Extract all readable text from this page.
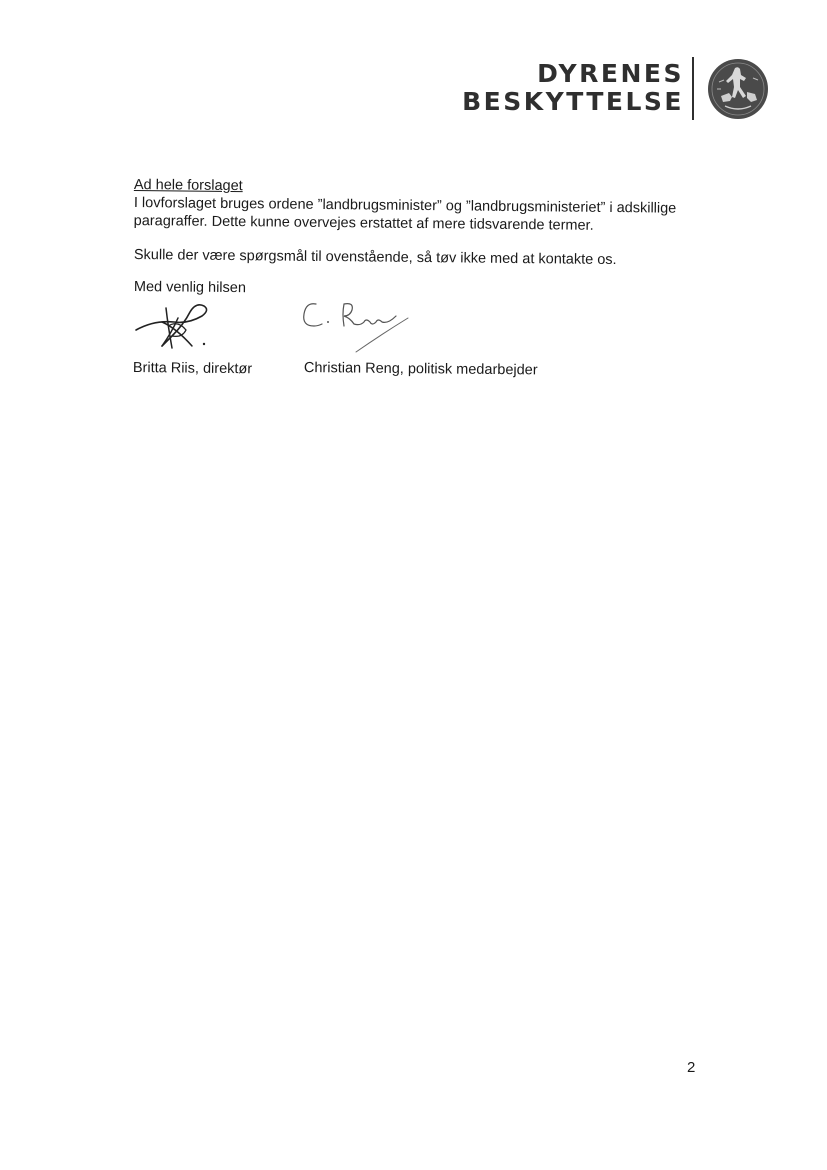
DYRENES
BESKYTTELSE
Ad hele forslaget
I lovforslaget bruges ordene ”landbrugsminister” og ”landbrugsministeriet” i adskillige paragraffer. Dette kunne overvejes erstattet af mere tidsvarende termer.
Skulle der være spørgsmål til ovenstående, så tøv ikke med at kontakte os.
Med venlig hilsen
Britta Riis, direktør	Christian Reng, politisk medarbejder
2
